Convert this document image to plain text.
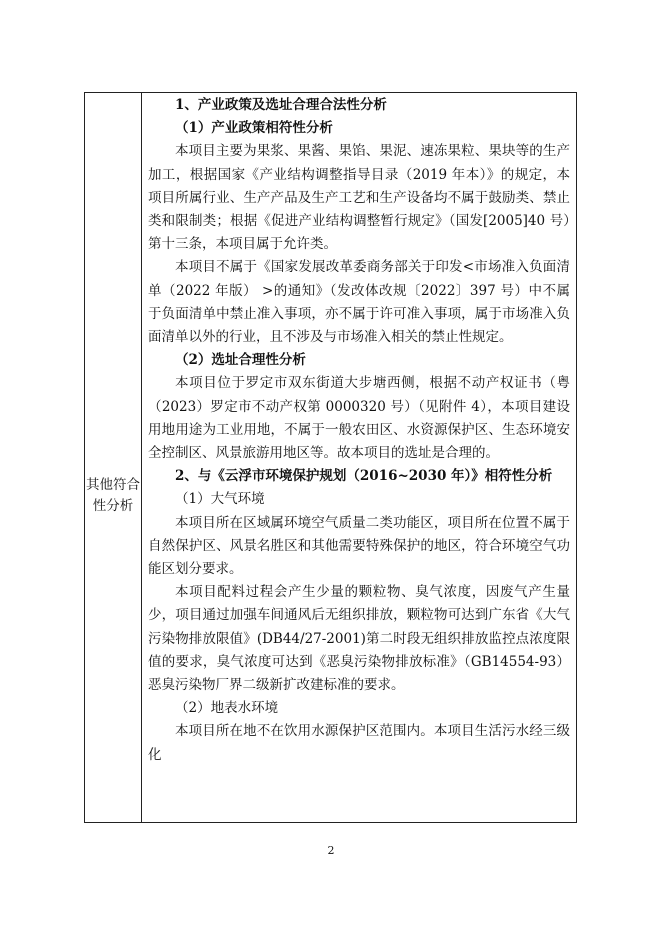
其他符合性分析

1、产业政策及选址合理合法性分析

（1）产业政策相符性分析

本项目主要为果浆、果酱、果馅、果泥、速冻果粒、果块等的生产加工，根据国家《产业结构调整指导目录（2019 年本）》的规定，本项目所属行业、生产产品及生产工艺和生产设备均不属于鼓励类、禁止类和限制类；根据《促进产业结构调整暂行规定》（国发[2005]40 号）第十三条，本项目属于允许类。

本项目不属于《国家发展改革委商务部关于印发<市场准入负面清单（2022 年版） >的通知》（发改体改规〔2022〕397 号）中不属于负面清单中禁止准入事项，亦不属于许可准入事项，属于市场准入负面清单以外的行业，且不涉及与市场准入相关的禁止性规定。

（2）选址合理性分析

本项目位于罗定市双东街道大步塘西侧，根据不动产权证书（粤（2023）罗定市不动产权第 0000320 号）（见附件 4），本项目建设用地用途为工业用地，不属于一般农田区、水资源保护区、生态环境安全控制区、风景旅游用地区等。故本项目的选址是合理的。

2、与《云浮市环境保护规划（2016~2030 年）》相符性分析

（1）大气环境

本项目所在区域属环境空气质量二类功能区，项目所在位置不属于自然保护区、风景名胜区和其他需要特殊保护的地区，符合环境空气功能区划分要求。

本项目配料过程会产生少量的颗粒物、臭气浓度，因废气产生量少，项目通过加强车间通风后无组织排放，颗粒物可达到广东省《大气污染物排放限值》(DB44/27-2001)第二时段无组织排放监控点浓度限值的要求，臭气浓度可达到《恶臭污染物排放标准》（GB14554-93）恶臭污染物厂界二级新扩改建标准的要求。

（2）地表水环境

本项目所在地不在饮用水源保护区范围内。本项目生活污水经三级化

2
